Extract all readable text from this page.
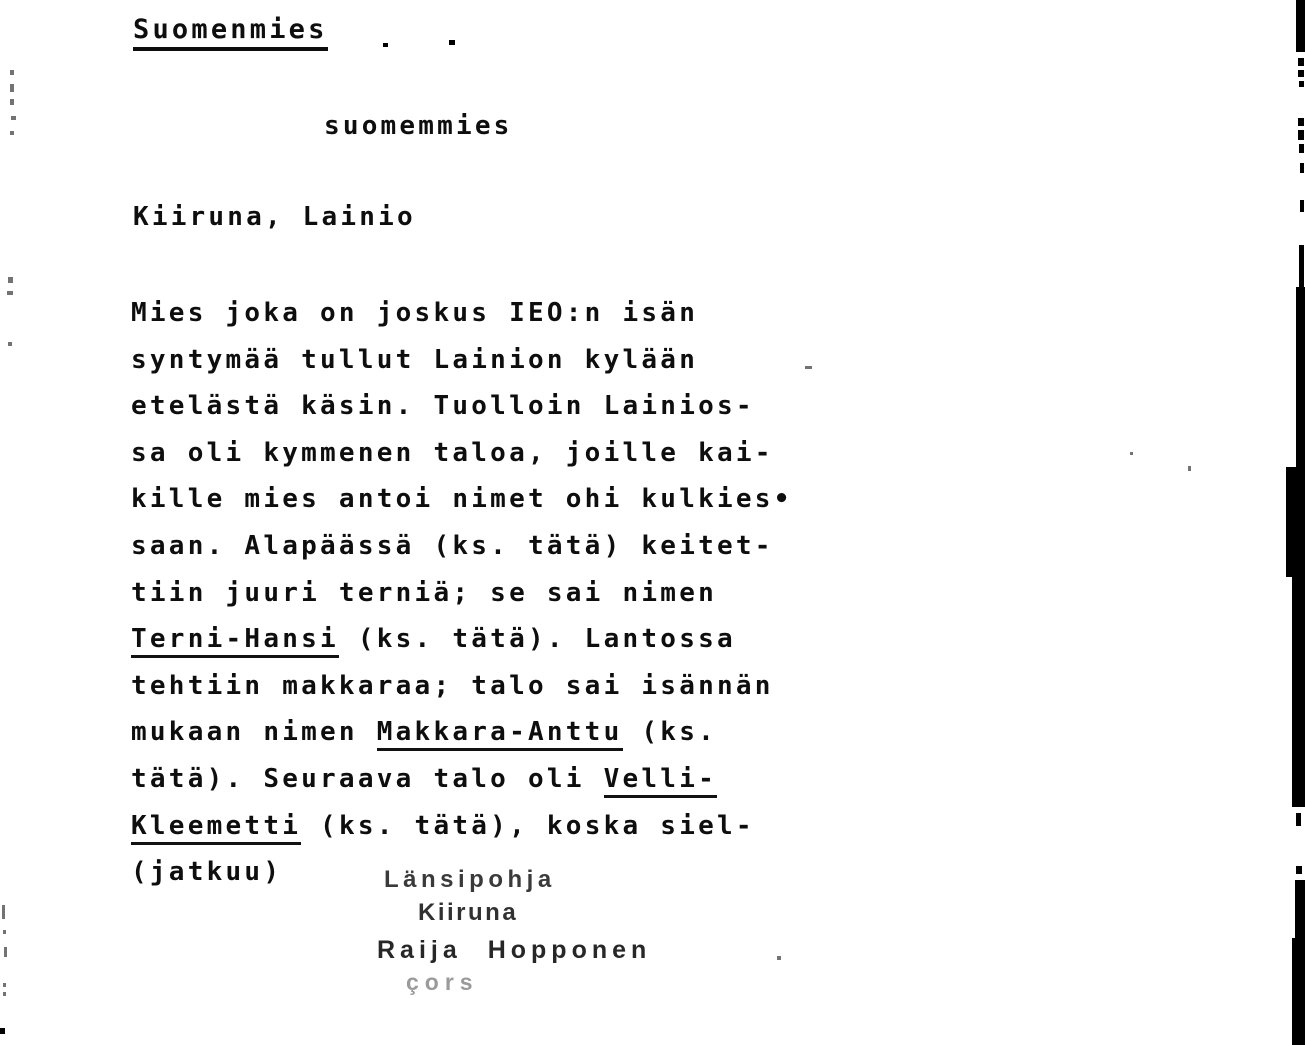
Suomenmies
suomemmies
Kiiruna, Lainio
Mies joka on joskus IEO:n isän
syntymää tullut Lainion kylään
etelästä käsin. Tuolloin Lainios-
sa oli kymmenen taloa, joille kai-
kille mies antoi nimet ohi kulkies•
saan. Alapäässä (ks. tätä) keitet-
tiin juuri terniä; se sai nimen
Terni-Hansi (ks. tätä). Lantossa
tehtiin makkaraa; talo sai isännän
mukaan nimen Makkara-Anttu (ks.
tätä). Seuraava talo oli Velli-
Kleemetti (ks. tätä), koska siel-
(jatkuu)	Länsipohja
Kiiruna
Raija Hopponen
çors
